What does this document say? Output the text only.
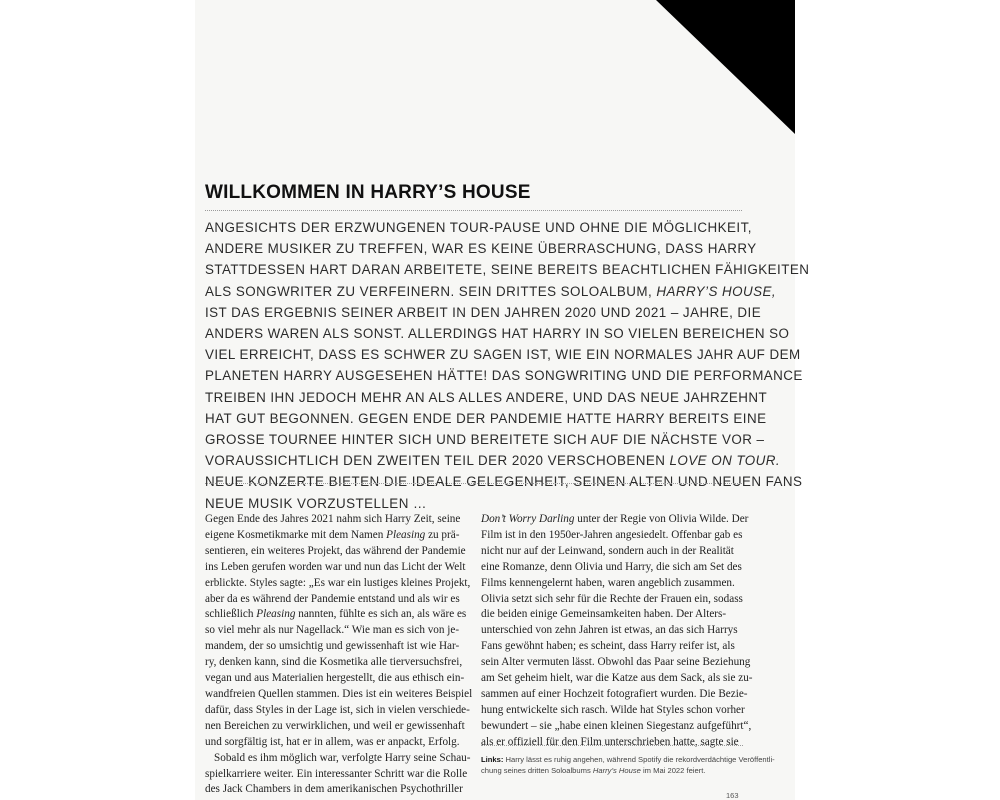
WILLKOMMEN IN HARRY’S HOUSE

ANGESICHTS DER ERZWUNGENEN TOUR-PAUSE UND OHNE DIE MÖGLICHKEIT,
ANDERE MUSIKER ZU TREFFEN, WAR ES KEINE ÜBERRASCHUNG, DASS HARRY
STATTDESSEN HART DARAN ARBEITETE, SEINE BEREITS BEACHTLICHEN FÄHIGKEITEN
ALS SONGWRITER ZU VERFEINERN. SEIN DRITTES SOLOALBUM, HARRY’S HOUSE,
IST DAS ERGEBNIS SEINER ARBEIT IN DEN JAHREN 2020 UND 2021 – JAHRE, DIE
ANDERS WAREN ALS SONST. ALLERDINGS HAT HARRY IN SO VIELEN BEREICHEN SO
VIEL ERREICHT, DASS ES SCHWER ZU SAGEN IST, WIE EIN NORMALES JAHR AUF DEM
PLANETEN HARRY AUSGESEHEN HÄTTE! DAS SONGWRITING UND DIE PERFORMANCE
TREIBEN IHN JEDOCH MEHR AN ALS ALLES ANDERE, UND DAS NEUE JAHRZEHNT
HAT GUT BEGONNEN. GEGEN ENDE DER PANDEMIE HATTE HARRY BEREITS EINE
GROSSE TOURNEE HINTER SICH UND BEREITETE SICH AUF DIE NÄCHSTE VOR –
VORAUSSICHTLICH DEN ZWEITEN TEIL DER 2020 VERSCHOBENEN LOVE ON TOUR.
NEUE KONZERTE BIETEN DIE IDEALE GELEGENHEIT, SEINEN ALTEN UND NEUEN FANS
NEUE MUSIK VORZUSTELLEN …

Gegen Ende des Jahres 2021 nahm sich Harry Zeit, seine
eigene Kosmetikmarke mit dem Namen Pleasing zu prä-
sentieren, ein weiteres Projekt, das während der Pandemie
ins Leben gerufen worden war und nun das Licht der Welt
erblickte. Styles sagte: „Es war ein lustiges kleines Projekt,
aber da es während der Pandemie entstand und als wir es
schließlich Pleasing nannten, fühlte es sich an, als wäre es
so viel mehr als nur Nagellack.“ Wie man es sich von je-
mandem, der so umsichtig und gewissenhaft ist wie Har-
ry, denken kann, sind die Kosmetika alle tierversuchsfrei,
vegan und aus Materialien hergestellt, die aus ethisch ein-
wandfreien Quellen stammen. Dies ist ein weiteres Beispiel
dafür, dass Styles in der Lage ist, sich in vielen verschiede-
nen Bereichen zu verwirklichen, und weil er gewissenhaft
und sorgfältig ist, hat er in allem, was er anpackt, Erfolg.
Sobald es ihm möglich war, verfolgte Harry seine Schau-
spielkarriere weiter. Ein interessanter Schritt war die Rolle
des Jack Chambers in dem amerikanischen Psychothriller

Don’t Worry Darling unter der Regie von Olivia Wilde. Der
Film ist in den 1950er-Jahren angesiedelt. Offenbar gab es
nicht nur auf der Leinwand, sondern auch in der Realität
eine Romanze, denn Olivia und Harry, die sich am Set des
Films kennengelernt haben, waren angeblich zusammen.
Olivia setzt sich sehr für die Rechte der Frauen ein, sodass
die beiden einige Gemeinsamkeiten haben. Der Alters-
unterschied von zehn Jahren ist etwas, an das sich Harrys
Fans gewöhnt haben; es scheint, dass Harry reifer ist, als
sein Alter vermuten lässt. Obwohl das Paar seine Beziehung
am Set geheim hielt, war die Katze aus dem Sack, als sie zu-
sammen auf einer Hochzeit fotografiert wurden. Die Bezie-
hung entwickelte sich rasch. Wilde hat Styles schon vorher
bewundert – sie „habe einen kleinen Siegestanz aufgeführt“,
als er offiziell für den Film unterschrieben hatte, sagte sie

Links: Harry lässt es ruhig angehen, während Spotify die rekordverdächtige Veröffentli-
chung seines dritten Soloalbums Harry’s House im Mai 2022 feiert.

163
